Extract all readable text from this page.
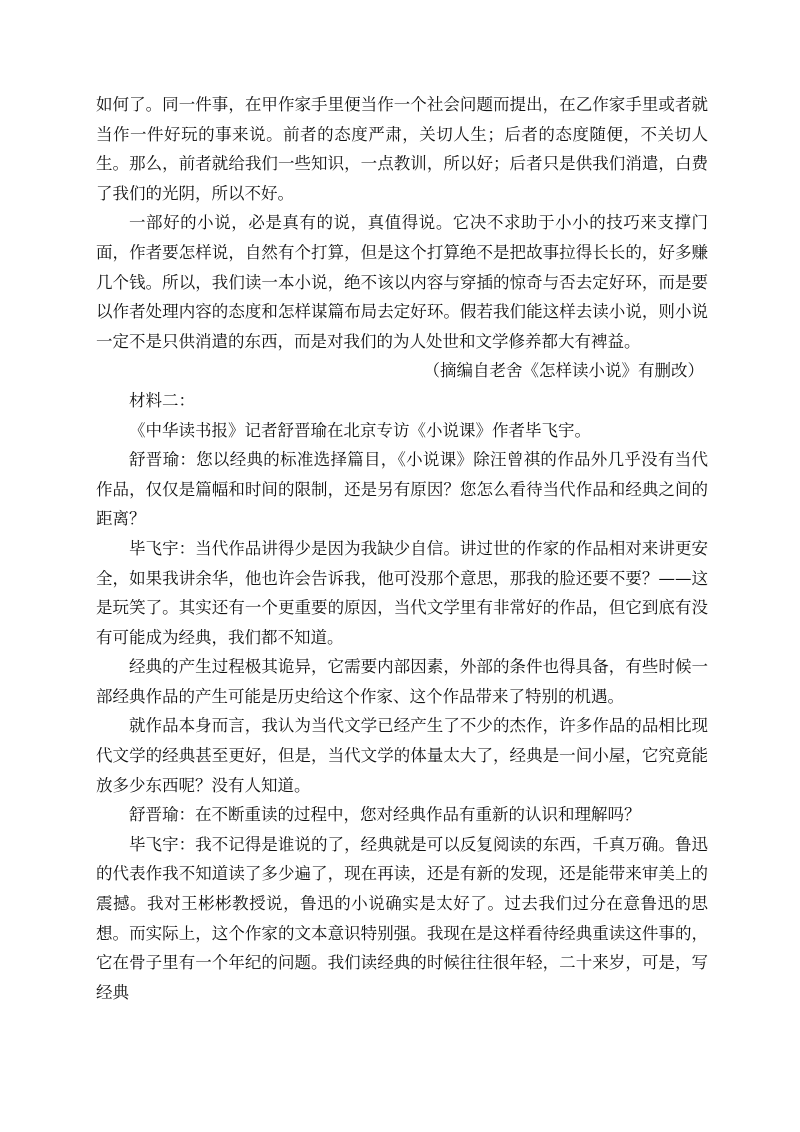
如何了。同一件事，在甲作家手里便当作一个社会问题而提出，在乙作家手里或者就当作一件好玩的事来说。前者的态度严肃，关切人生；后者的态度随便，不关切人生。那么，前者就给我们一些知识，一点教训，所以好；后者只是供我们消遣，白费了我们的光阴，所以不好。

一部好的小说，必是真有的说，真值得说。它决不求助于小小的技巧来支撑门面，作者要怎样说，自然有个打算，但是这个打算绝不是把故事拉得长长的，好多赚几个钱。所以，我们读一本小说，绝不该以内容与穿插的惊奇与否去定好环，而是要以作者处理内容的态度和怎样谋篇布局去定好环。假若我们能这样去读小说，则小说一定不是只供消遣的东西，而是对我们的为人处世和文学修养都大有裨益。

（摘编自老舍《怎样读小说》有删改）

材料二：

《中华读书报》记者舒晋瑜在北京专访《小说课》作者毕飞宇。

舒晋瑜：您以经典的标准选择篇目，《小说课》除汪曾祺的作品外几乎没有当代作品，仅仅是篇幅和时间的限制，还是另有原因？您怎么看待当代作品和经典之间的距离？

毕飞宇：当代作品讲得少是因为我缺少自信。讲过世的作家的作品相对来讲更安全，如果我讲余华，他也许会告诉我，他可没那个意思，那我的脸还要不要？——这是玩笑了。其实还有一个更重要的原因，当代文学里有非常好的作品，但它到底有没有可能成为经典，我们都不知道。

经典的产生过程极其诡异，它需要内部因素，外部的条件也得具备，有些时候一部经典作品的产生可能是历史给这个作家、这个作品带来了特别的机遇。

就作品本身而言，我认为当代文学已经产生了不少的杰作，许多作品的品相比现代文学的经典甚至更好，但是，当代文学的体量太大了，经典是一间小屋，它究竟能放多少东西呢？没有人知道。

舒晋瑜：在不断重读的过程中，您对经典作品有重新的认识和理解吗？

毕飞宇：我不记得是谁说的了，经典就是可以反复阅读的东西，千真万确。鲁迅的代表作我不知道读了多少遍了，现在再读，还是有新的发现，还是能带来审美上的震撼。我对王彬彬教授说，鲁迅的小说确实是太好了。过去我们过分在意鲁迅的思想。而实际上，这个作家的文本意识特别强。我现在是这样看待经典重读这件事的，它在骨子里有一个年纪的问题。我们读经典的时候往往很年轻，二十来岁，可是，写经典
